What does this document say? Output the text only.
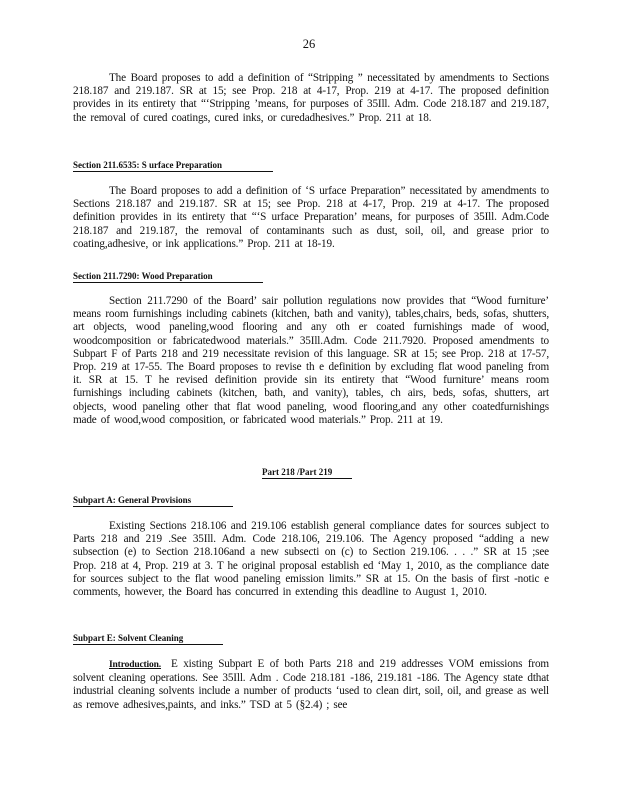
26
The Board proposes to add a definition of “Stripping ” necessitated by amendments to Sections 218.187 and 219.187. SR at 15; see Prop. 218 at 4-17, Prop. 219 at 4-17. The proposed definition provides in its entirety that “‘Stripping ’means, for purposes of 35Ill. Adm. Code 218.187 and 219.187, the removal of cured coatings, cured inks, or curedadhesives.” Prop. 211 at 18.
Section 211.6535: S urface Preparation
The Board proposes to add a definition of ‘S urface Preparation” necessitated by amendments to Sections 218.187 and 219.187. SR at 15; see Prop. 218 at 4-17, Prop. 219 at 4-17. The proposed definition provides in its entirety that “‘S urface Preparation’ means, for purposes of 35Ill. Adm.Code 218.187 and 219.187, the removal of contaminants such as dust, soil, oil, and grease prior to coating,adhesive, or ink applications.” Prop. 211 at 18-19.
Section 211.7290: Wood Preparation
Section 211.7290 of the Board’ sair pollution regulations now provides that “Wood furniture’ means room furnishings including cabinets (kitchen, bath and vanity), tables,chairs, beds, sofas, shutters, art objects, wood paneling,wood flooring and any oth er coated furnishings made of wood, woodcomposition or fabricatedwood materials.” 35Ill.Adm. Code 211.7920. Proposed amendments to Subpart F of Parts 218 and 219 necessitate revision of this language. SR at 15; see Prop. 218 at 17-57, Prop. 219 at 17-55. The Board proposes to revise th e definition by excluding flat wood paneling from it. SR at 15. T he revised definition provide sin its entirety that “Wood furniture’ means room furnishings including cabinets (kitchen, bath, and vanity), tables, ch airs, beds, sofas, shutters, art objects, wood paneling other that flat wood paneling, wood flooring,and any other coatedfurnishings made of wood,wood composition, or fabricated wood materials.” Prop. 211 at 19.
Part 218 /Part 219
Subpart A: General Provisions
Existing Sections 218.106 and 219.106 establish general compliance dates for sources subject to Parts 218 and 219 .See 35Ill. Adm. Code 218.106, 219.106. The Agency proposed “adding a new subsection (e) to Section 218.106and a new subsecti on (c) to Section 219.106. . . .” SR at 15 ;see Prop. 218 at 4, Prop. 219 at 3. T he original proposal establish ed ‘May 1, 2010, as the compliance date for sources subject to the flat wood paneling emission limits.” SR at 15. On the basis of first -notic e comments, however, the Board has concurred in extending this deadline to August 1, 2010.
Subpart E: Solvent Cleaning
Introduction. E xisting Subpart E of both Parts 218 and 219 addresses VOM emissions from solvent cleaning operations. See 35Ill. Adm . Code 218.181 -186, 219.181 -186. The Agency state dthat industrial cleaning solvents include a number of products ‘used to clean dirt, soil, oil, and grease as well as remove adhesives,paints, and inks.” TSD at 5 (§2.4) ; see
